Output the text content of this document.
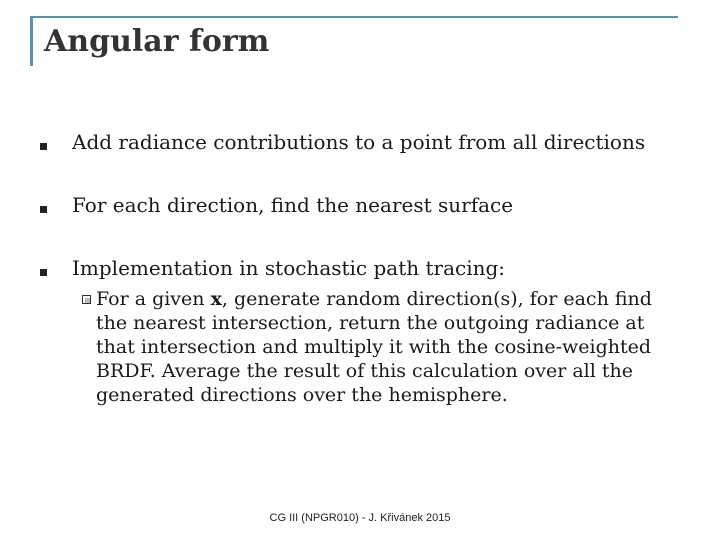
Angular form
Add radiance contributions to a point from all directions
For each direction, find the nearest surface
Implementation in stochastic path tracing:

For a given x, generate random direction(s), for each find the nearest intersection, return the outgoing radiance at that intersection and multiply it with the cosine-weighted BRDF. Average the result of this calculation over all the generated directions over the hemisphere.

CG III (NPGR010) - J. Křivánek 2015
